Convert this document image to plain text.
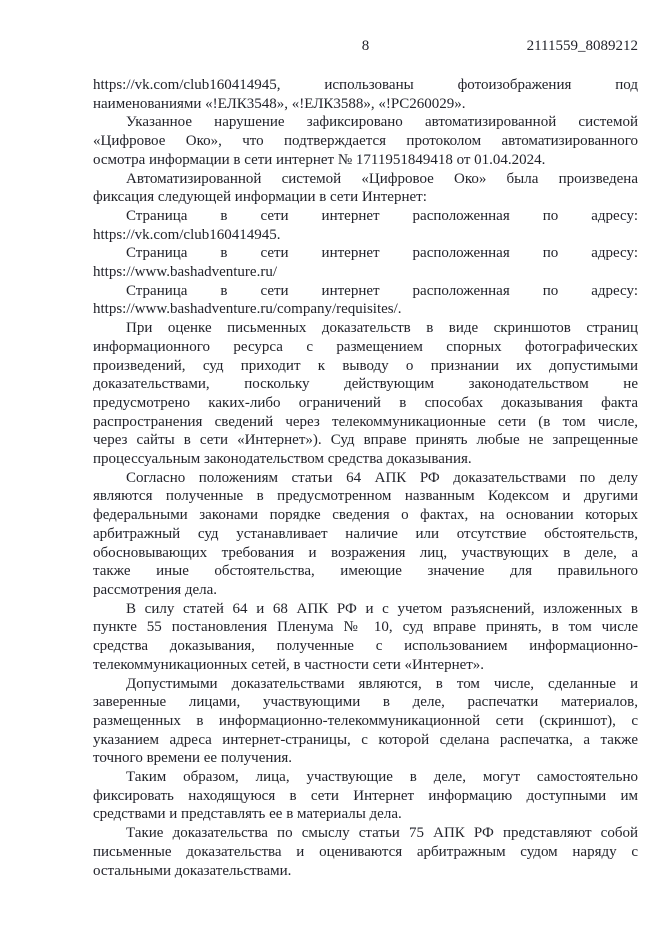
8	2111559_8089212

https://vk.com/club160414945, использованы фотоизображения под
наименованиями «!ЕЛК3548», «!ЕЛК3588», «!PC260029».

Указанное нарушение зафиксировано автоматизированной системой
«Цифровое Око», что подтверждается протоколом автоматизированного
осмотра информации в сети интернет № 1711951849418 от 01.04.2024.

Автоматизированной системой «Цифровое Око» была произведена
фиксация следующей информации в сети Интернет:

Страница в сети интернет расположенная по адресу:
https://vk.com/club160414945.

Страница в сети интернет расположенная по адресу:
https://www.bashadventure.ru/

Страница в сети интернет расположенная по адресу:
https://www.bashadventure.ru/company/requisites/.

При оценке письменных доказательств в виде скриншотов страниц
информационного ресурса с размещением спорных фотографических
произведений, суд приходит к выводу о признании их допустимыми
доказательствами, поскольку действующим законодательством не
предусмотрено каких-либо ограничений в способах доказывания факта
распространения сведений через телекоммуникационные сети (в том числе,
через сайты в сети «Интернет»). Суд вправе принять любые не запрещенные
процессуальным законодательством средства доказывания.

Согласно положениям статьи 64 АПК РФ доказательствами по делу
являются полученные в предусмотренном названным Кодексом и другими
федеральными законами порядке сведения о фактах, на основании которых
арбитражный суд устанавливает наличие или отсутствие обстоятельств,
обосновывающих требования и возражения лиц, участвующих в деле, а
также иные обстоятельства, имеющие значение для правильного
рассмотрения дела.

В силу статей 64 и 68 АПК РФ и с учетом разъяснений, изложенных в
пункте 55 постановления Пленума № 10, суд вправе принять, в том числе
средства доказывания, полученные с использованием информационно-
телекоммуникационных сетей, в частности сети «Интернет».

Допустимыми доказательствами являются, в том числе, сделанные и
заверенные лицами, участвующими в деле, распечатки материалов,
размещенных в информационно-телекоммуникационной сети (скриншот), с
указанием адреса интернет-страницы, с которой сделана распечатка, а также
точного времени ее получения.

Таким образом, лица, участвующие в деле, могут самостоятельно
фиксировать находящуюся в сети Интернет информацию доступными им
средствами и представлять ее в материалы дела.

Такие доказательства по смыслу статьи 75 АПК РФ представляют собой
письменные доказательства и оцениваются арбитражным судом наряду с
остальными доказательствами.
